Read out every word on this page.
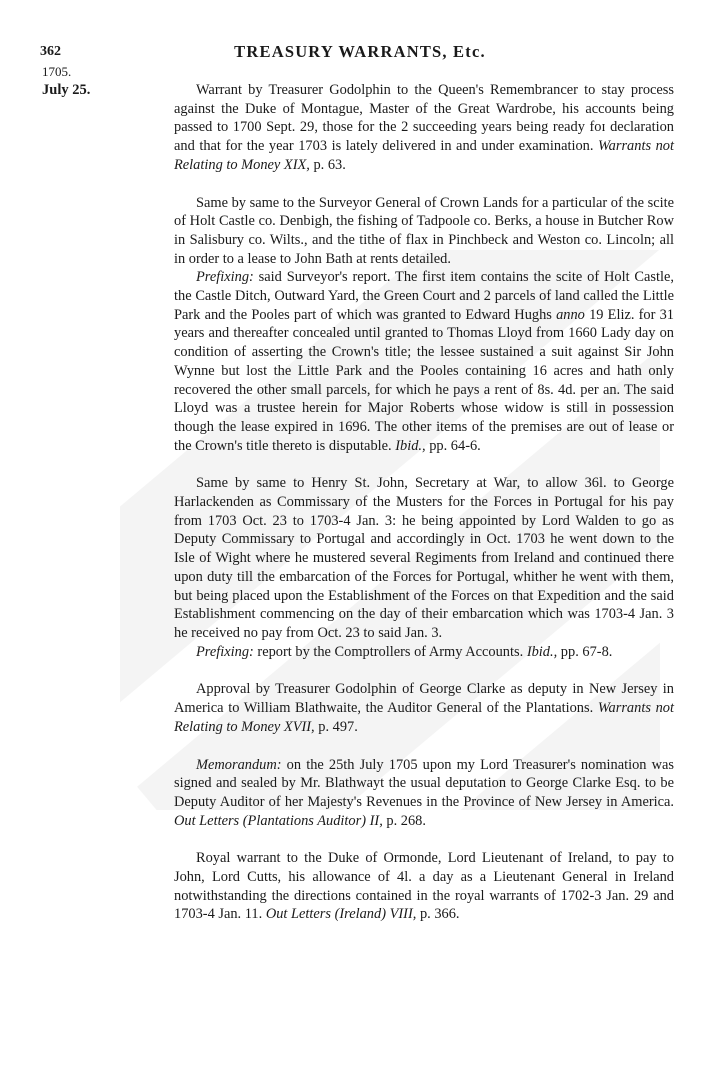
362	TREASURY WARRANTS, Etc.
1705.
July 25.	Warrant by Treasurer Godolphin to the Queen's Remembrancer to stay process against the Duke of Montague, Master of the Great Wardrobe, his accounts being passed to 1700 Sept. 29, those for the 2 succeeding years being ready foɪ declaration and that for the year 1703 is lately delivered in and under examination. Warrants not Relating to Money XIX, p. 63.

Same by same to the Surveyor General of Crown Lands for a particular of the scite of Holt Castle co. Denbigh, the fishing of Tadpoole co. Berks, a house in Butcher Row in Salisbury co. Wilts., and the tithe of flax in Pinchbeck and Weston co. Lincoln; all in order to a lease to John Bath at rents detailed.

Prefixing: said Surveyor's report. The first item contains the scite of Holt Castle, the Castle Ditch, Outward Yard, the Green Court and 2 parcels of land called the Little Park and the Pooles part of which was granted to Edward Hughs anno 19 Eliz. for 31 years and thereafter concealed until granted to Thomas Lloyd from 1660 Lady day on condition of asserting the Crown's title; the lessee sustained a suit against Sir John Wynne but lost the Little Park and the Pooles containing 16 acres and hath only recovered the other small parcels, for which he pays a rent of 8s. 4d. per an. The said Lloyd was a trustee herein for Major Roberts whose widow is still in possession though the lease expired in 1696. The other items of the premises are out of lease or the Crown's title thereto is disputable. Ibid., pp. 64-6.

Same by same to Henry St. John, Secretary at War, to allow 36l. to George Harlackenden as Commissary of the Musters for the Forces in Portugal for his pay from 1703 Oct. 23 to 1703-4 Jan. 3: he being appointed by Lord Walden to go as Deputy Commissary to Portugal and accordingly in Oct. 1703 he went down to the Isle of Wight where he mustered several Regiments from Ireland and continued there upon duty till the embarcation of the Forces for Portugal, whither he went with them, but being placed upon the Establishment of the Forces on that Expedition and the said Establishment commencing on the day of their embarcation which was 1703-4 Jan. 3 he received no pay from Oct. 23 to said Jan. 3.

Prefixing: report by the Comptrollers of Army Accounts. Ibid., pp. 67-8.

Approval by Treasurer Godolphin of George Clarke as deputy in New Jersey in America to William Blathwaite, the Auditor General of the Plantations. Warrants not Relating to Money XVII, p. 497.

Memorandum: on the 25th July 1705 upon my Lord Treasurer's nomination was signed and sealed by Mr. Blathwayt the usual deputation to George Clarke Esq. to be Deputy Auditor of her Majesty's Revenues in the Province of New Jersey in America. Out Letters (Plantations Auditor) II, p. 268.

Royal warrant to the Duke of Ormonde, Lord Lieutenant of Ireland, to pay to John, Lord Cutts, his allowance of 4l. a day as a Lieutenant General in Ireland notwithstanding the directions contained in the royal warrants of 1702-3 Jan. 29 and 1703-4 Jan. 11. Out Letters (Ireland) VIII, p. 366.
